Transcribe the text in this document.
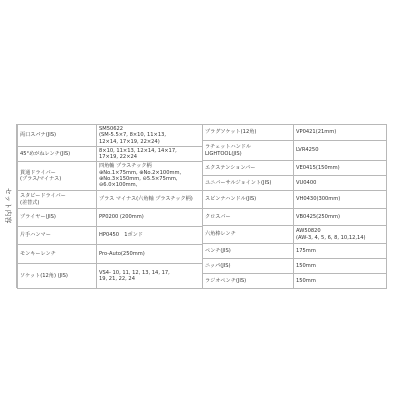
セット内容
両口スパナ(JIS)	SM50622
(SM-5.5×7, 8×10, 11×13,
12×14, 17×19, 22×24)
45°めがねレンチ(JIS)	8×10, 11×13, 12×14, 14×17,
17×19, 22×24
貫通ドライバー
(プラス/マイナス)	四角軸 プラスチック柄
⊕No.1×75mm, ⊕No.2×100mm,
⊕No.3×150mm, ⊖5.5×75mm,
⊖6.0×100mm,
スタビードライバー
(差替式)	プラス マイナス(六角軸 プラスチック柄)
プライヤー(JIS)	PP0200 (200mm)
片手ハンマー	HP0450　1ポンド
モンキーレンチ	Pro-Auto(250mm)
ソケット(12角) (JIS)	VS4- 10, 11, 12, 13, 14, 17,
19, 21, 22, 24
プラグソケット(12角)	VP0421(21mm)
ラチェットハンドル
LIGHTOOL(JIS)	LVR4250
エクステンションバー	VE0415(150mm)
ユニバーサルジョイント(JIS)	VU0400
スピンナハンドル(JIS)	VH0430(300mm)
クロスバー	VB0425(250mm)
六角棒レンチ	AW50820
(AW-3, 4, 5, 6, 8, 10,12,14)
ペンチ(JIS)	175mm
ニッパ(JIS)	150mm
ラジオペンチ(JIS)	150mm
